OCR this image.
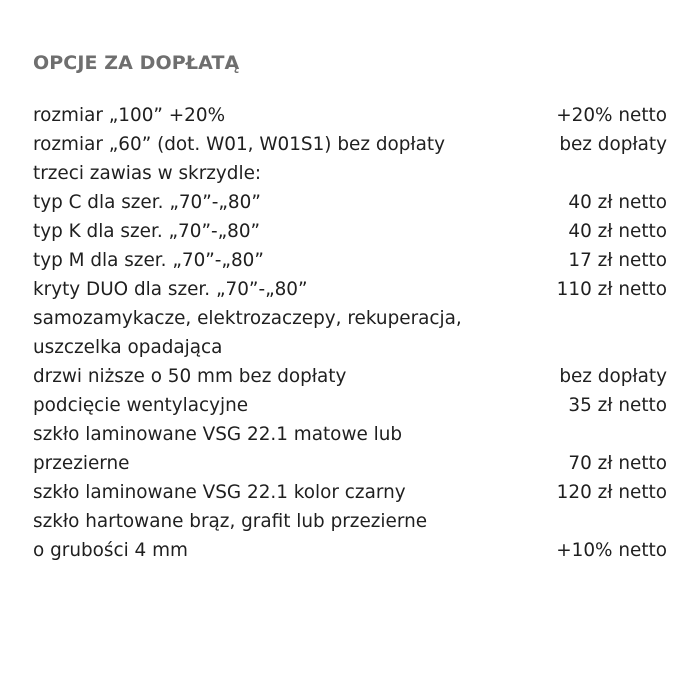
OPCJE ZA DOPŁATĄ
rozmiar „100” +20%	+20% netto
rozmiar „60” (dot. W01, W01S1) bez dopłaty	bez dopłaty
trzeci zawias w skrzydle:
typ C dla szer. „70”-„80”	40 zł netto
typ K dla szer. „70”-„80”	40 zł netto
typ M dla szer. „70”-„80”	17 zł netto
kryty DUO dla szer. „70”-„80”	110 zł netto
samozamykacze, elektrozaczepy, rekuperacja,
uszczelka opadająca
drzwi niższe o 50 mm bez dopłaty	bez dopłaty
podcięcie wentylacyjne	35 zł netto
szkło laminowane VSG 22.1 matowe lub
przezierne	70 zł netto
szkło laminowane VSG 22.1 kolor czarny	120 zł netto
szkło hartowane brąz, grafit lub przezierne
o grubości 4 mm	+10% netto
